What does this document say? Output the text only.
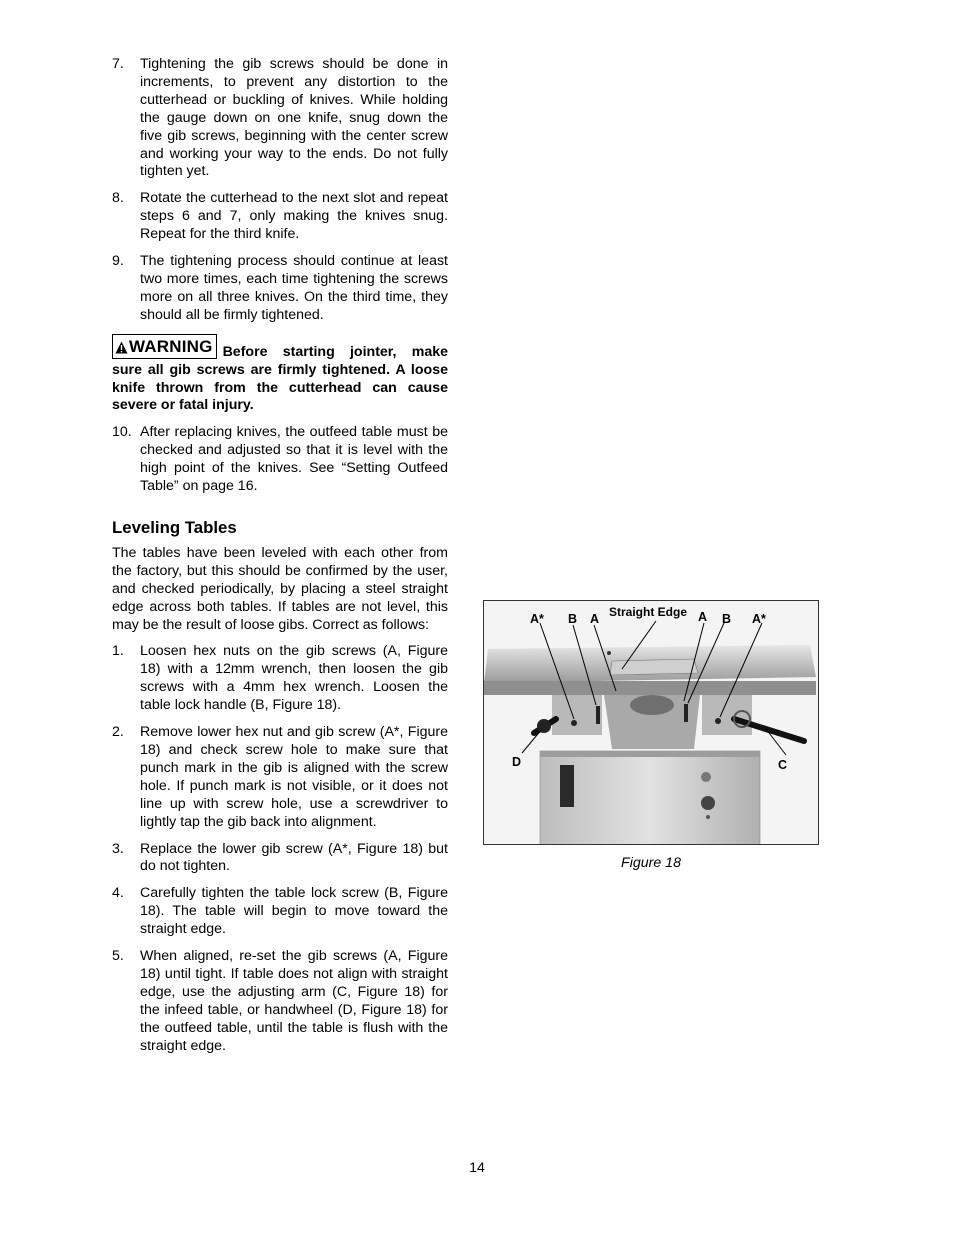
7.	Tightening the gib screws should be done in increments, to prevent any distortion to the cutterhead or buckling of knives. While holding the gauge down on one knife, snug down the five gib screws, beginning with the center screw and working your way to the ends. Do not fully tighten yet.
8.	Rotate the cutterhead to the next slot and repeat steps 6 and 7, only making the knives snug. Repeat for the third knife.
9.	The tightening process should continue at least two more times, each time tightening the screws more on all three knives. On the third time, they should all be firmly tightened.
WARNING Before starting jointer, make sure all gib screws are firmly tightened. A loose knife thrown from the cutterhead can cause severe or fatal injury.
10. After replacing knives, the outfeed table must be checked and adjusted so that it is level with the high point of the knives. See “Setting Outfeed Table” on page 16.
Leveling Tables
The tables have been leveled with each other from the factory, but this should be confirmed by the user, and checked periodically, by placing a steel straight edge across both tables. If tables are not level, this may be the result of loose gibs. Correct as follows:
1.	Loosen hex nuts on the gib screws (A, Figure 18) with a 12mm wrench, then loosen the gib screws with a 4mm hex wrench. Loosen the table lock handle (B, Figure 18).
2.	Remove lower hex nut and gib screw (A*, Figure 18) and check screw hole to make sure that punch mark in the gib is aligned with the screw hole. If punch mark is not visible, or it does not line up with screw hole, use a screwdriver to lightly tap the gib back into alignment.
3.	Replace the lower gib screw (A*, Figure 18) but do not tighten.
4.	Carefully tighten the table lock screw (B, Figure 18). The table will begin to move toward the straight edge.
5.	When aligned, re-set the gib screws (A, Figure 18) until tight. If table does not align with straight edge, use the adjusting arm (C, Figure 18) for the infeed table, or handwheel (D, Figure 18) for the outfeed table, until the table is flush with the straight edge.
A* B A Straight Edge A B A*
D	C
Figure 18
14
